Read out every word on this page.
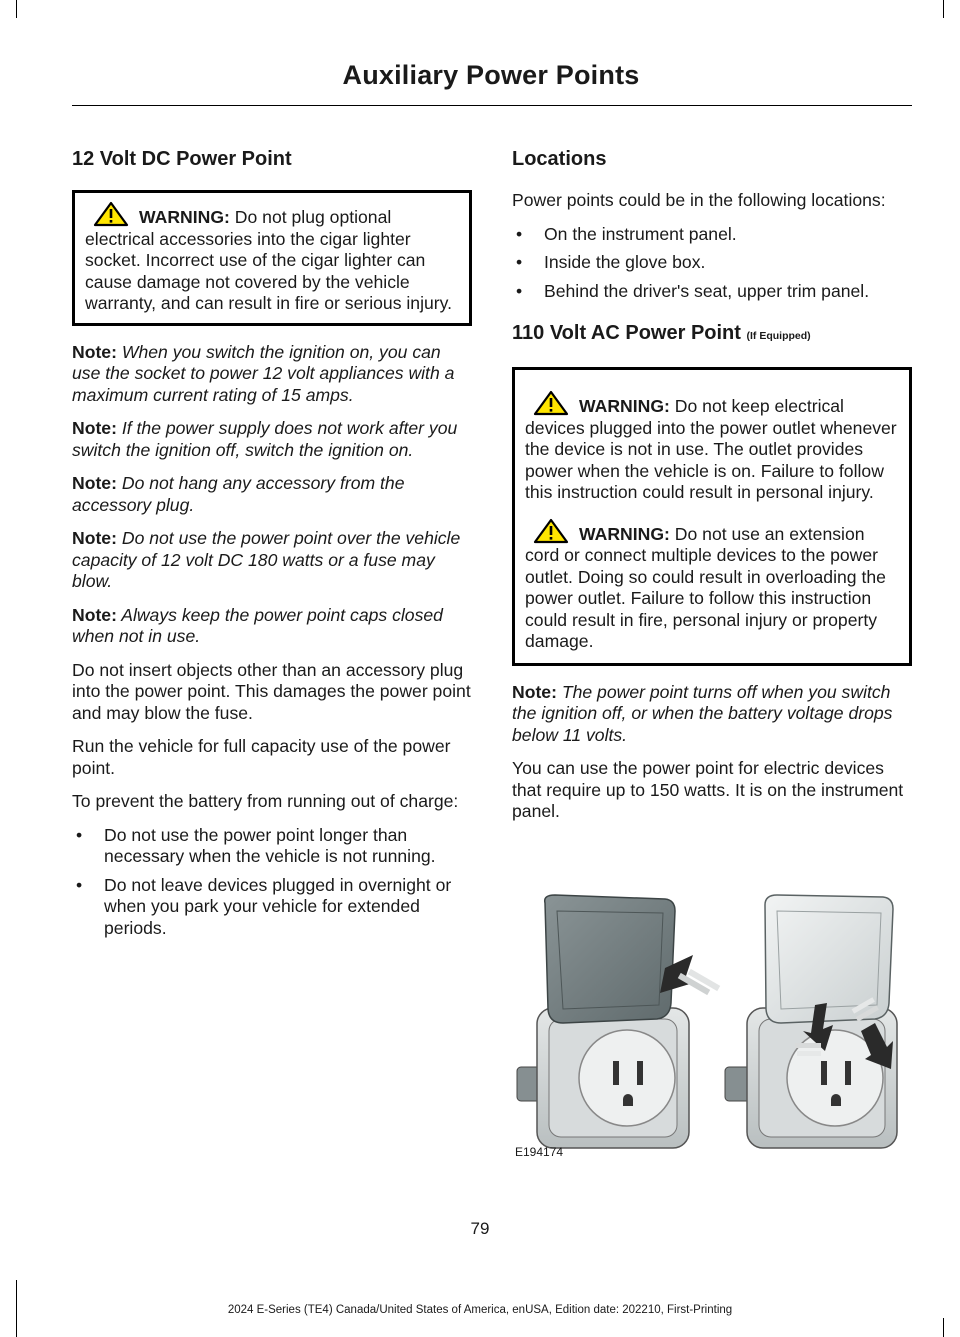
Auxiliary Power Points
12 Volt DC Power Point

WARNING: Do not plug optional electrical accessories into the cigar lighter socket. Incorrect use of the cigar lighter can cause damage not covered by the vehicle warranty, and can result in fire or serious injury.

Note: When you switch the ignition on, you can use the socket to power 12 volt appliances with a maximum current rating of 15 amps.

Note: If the power supply does not work after you switch the ignition off, switch the ignition on.

Note: Do not hang any accessory from the accessory plug.

Note: Do not use the power point over the vehicle capacity of 12 volt DC 180 watts or a fuse may blow.

Note: Always keep the power point caps closed when not in use.

Do not insert objects other than an accessory plug into the power point. This damages the power point and may blow the fuse.

Run the vehicle for full capacity use of the power point.

To prevent the battery from running out of charge:

• Do not use the power point longer than necessary when the vehicle is not running.
• Do not leave devices plugged in overnight or when you park your vehicle for extended periods.
Locations

Power points could be in the following locations:

• On the instrument panel.
• Inside the glove box.
• Behind the driver's seat, upper trim panel.
110 Volt AC Power Point (If Equipped)

WARNING: Do not keep electrical devices plugged into the power outlet whenever the device is not in use. The outlet provides power when the vehicle is on. Failure to follow this instruction could result in personal injury.

WARNING: Do not use an extension cord or connect multiple devices to the power outlet. Doing so could result in overloading the power outlet. Failure to follow this instruction could result in fire, personal injury or property damage.

Note: The power point turns off when you switch the ignition off, or when the battery voltage drops below 11 volts.

You can use the power point for electric devices that require up to 150 watts. It is on the instrument panel.

E194174
79
2024 E-Series (TE4) Canada/United States of America, enUSA, Edition date: 202210, First-Printing
